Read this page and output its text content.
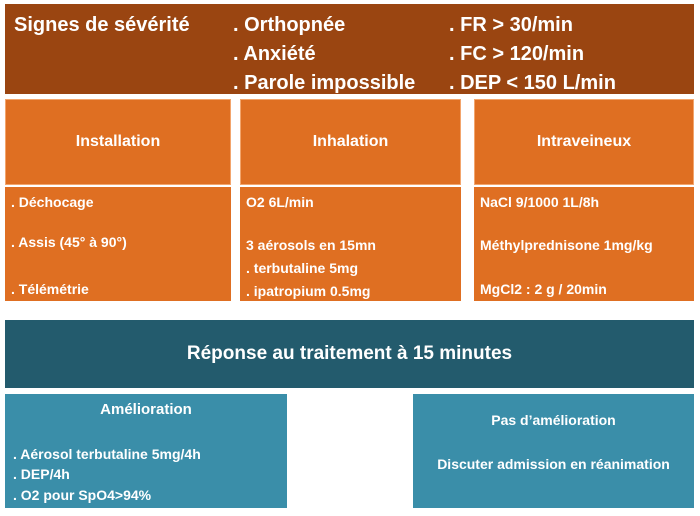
Signes de sévérité . Orthopnée
. Anxiété
. Parole impossible
. FR > 30/min
. FC > 120/min
. DEP < 150 L/min
Installation	Inhalation	Intraveineux
. Déchocage
. Assis (45° à 90°)
. Télémétrie
O2 6L/min
3 aérosols en 15mn
. terbutaline 5mg
. ipatropium 0.5mg
NaCl 9/1000 1L/8h
Méthylprednisone 1mg/kg
MgCl2 : 2 g / 20min
Réponse au traitement à 15 minutes
Amélioration
. Aérosol terbutaline 5mg/4h
. DEP/4h
. O2 pour SpO4>94%
Pas d’amélioration
Discuter admission en réanimation
